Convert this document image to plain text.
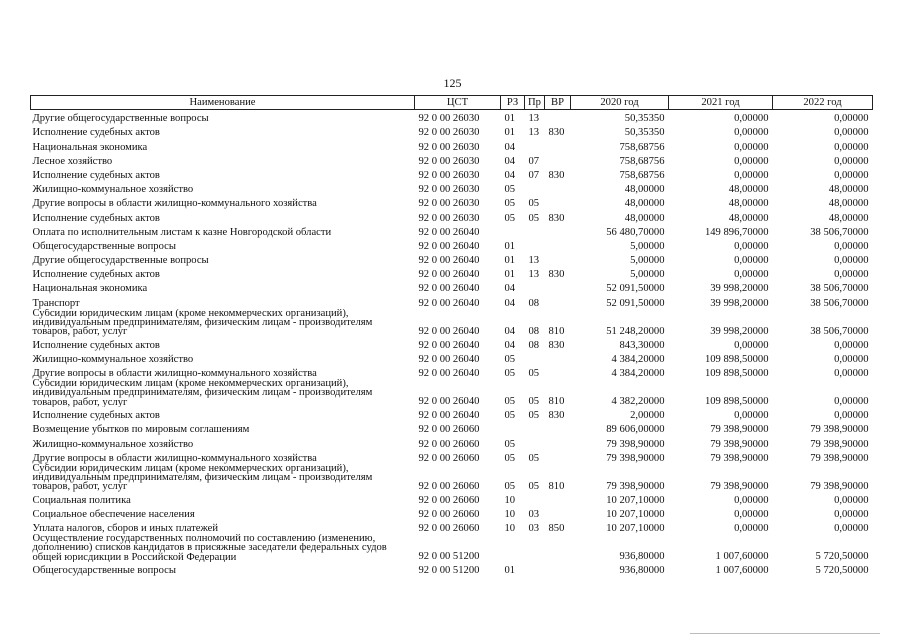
125
Наименование	ЦСТ	РЗ	Пр	ВР	2020 год	2021 год	2022 год
Другие общегосударственные вопросы	92 0 00 26030	01	13		50,35350	0,00000	0,00000
Исполнение судебных актов	92 0 00 26030	01	13	830	50,35350	0,00000	0,00000
Национальная экономика	92 0 00 26030	04			758,68756	0,00000	0,00000
Лесное хозяйство	92 0 00 26030	04	07		758,68756	0,00000	0,00000
Исполнение судебных актов	92 0 00 26030	04	07	830	758,68756	0,00000	0,00000
Жилищно-коммунальное хозяйство	92 0 00 26030	05			48,00000	48,00000	48,00000
Другие вопросы в области жилищно-коммунального хозяйства	92 0 00 26030	05	05		48,00000	48,00000	48,00000
Исполнение судебных актов	92 0 00 26030	05	05	830	48,00000	48,00000	48,00000
Оплата по исполнительным листам к казне Новгородской области	92 0 00 26040				56 480,70000	149 896,70000	38 506,70000
Общегосударственные вопросы	92 0 00 26040	01			5,00000	0,00000	0,00000
Другие общегосударственные вопросы	92 0 00 26040	01	13		5,00000	0,00000	0,00000
Исполнение судебных актов	92 0 00 26040	01	13	830	5,00000	0,00000	0,00000
Национальная экономика	92 0 00 26040	04			52 091,50000	39 998,20000	38 506,70000
Транспорт	92 0 00 26040	04	08		52 091,50000	39 998,20000	38 506,70000
Субсидии юридическим лицам (кроме некоммерческих организаций), индивидуальным предпринимателям, физическим лицам - производителям товаров, работ, услуг	92 0 00 26040	04	08	810	51 248,20000	39 998,20000	38 506,70000
Исполнение судебных актов	92 0 00 26040	04	08	830	843,30000	0,00000	0,00000
Жилищно-коммунальное хозяйство	92 0 00 26040	05			4 384,20000	109 898,50000	0,00000
Другие вопросы в области жилищно-коммунального хозяйства	92 0 00 26040	05	05		4 384,20000	109 898,50000	0,00000
Субсидии юридическим лицам (кроме некоммерческих организаций), индивидуальным предпринимателям, физическим лицам - производителям товаров, работ, услуг	92 0 00 26040	05	05	810	4 382,20000	109 898,50000	0,00000
Исполнение судебных актов	92 0 00 26040	05	05	830	2,00000	0,00000	0,00000
Возмещение убытков по мировым соглашениям	92 0 00 26060				89 606,00000	79 398,90000	79 398,90000
Жилищно-коммунальное хозяйство	92 0 00 26060	05			79 398,90000	79 398,90000	79 398,90000
Другие вопросы в области жилищно-коммунального хозяйства	92 0 00 26060	05	05		79 398,90000	79 398,90000	79 398,90000
Субсидии юридическим лицам (кроме некоммерческих организаций), индивидуальным предпринимателям, физическим лицам - производителям товаров, работ, услуг	92 0 00 26060	05	05	810	79 398,90000	79 398,90000	79 398,90000
Социальная политика	92 0 00 26060	10			10 207,10000	0,00000	0,00000
Социальное обеспечение населения	92 0 00 26060	10	03		10 207,10000	0,00000	0,00000
Уплата налогов, сборов и иных платежей	92 0 00 26060	10	03	850	10 207,10000	0,00000	0,00000
Осуществление государственных полномочий по составлению (изменению, дополнению) списков кандидатов в присяжные заседатели федеральных судов общей юрисдикции в Российской Федерации	92 0 00 51200				936,80000	1 007,60000	5 720,50000
Общегосударственные вопросы	92 0 00 51200	01			936,80000	1 007,60000	5 720,50000
